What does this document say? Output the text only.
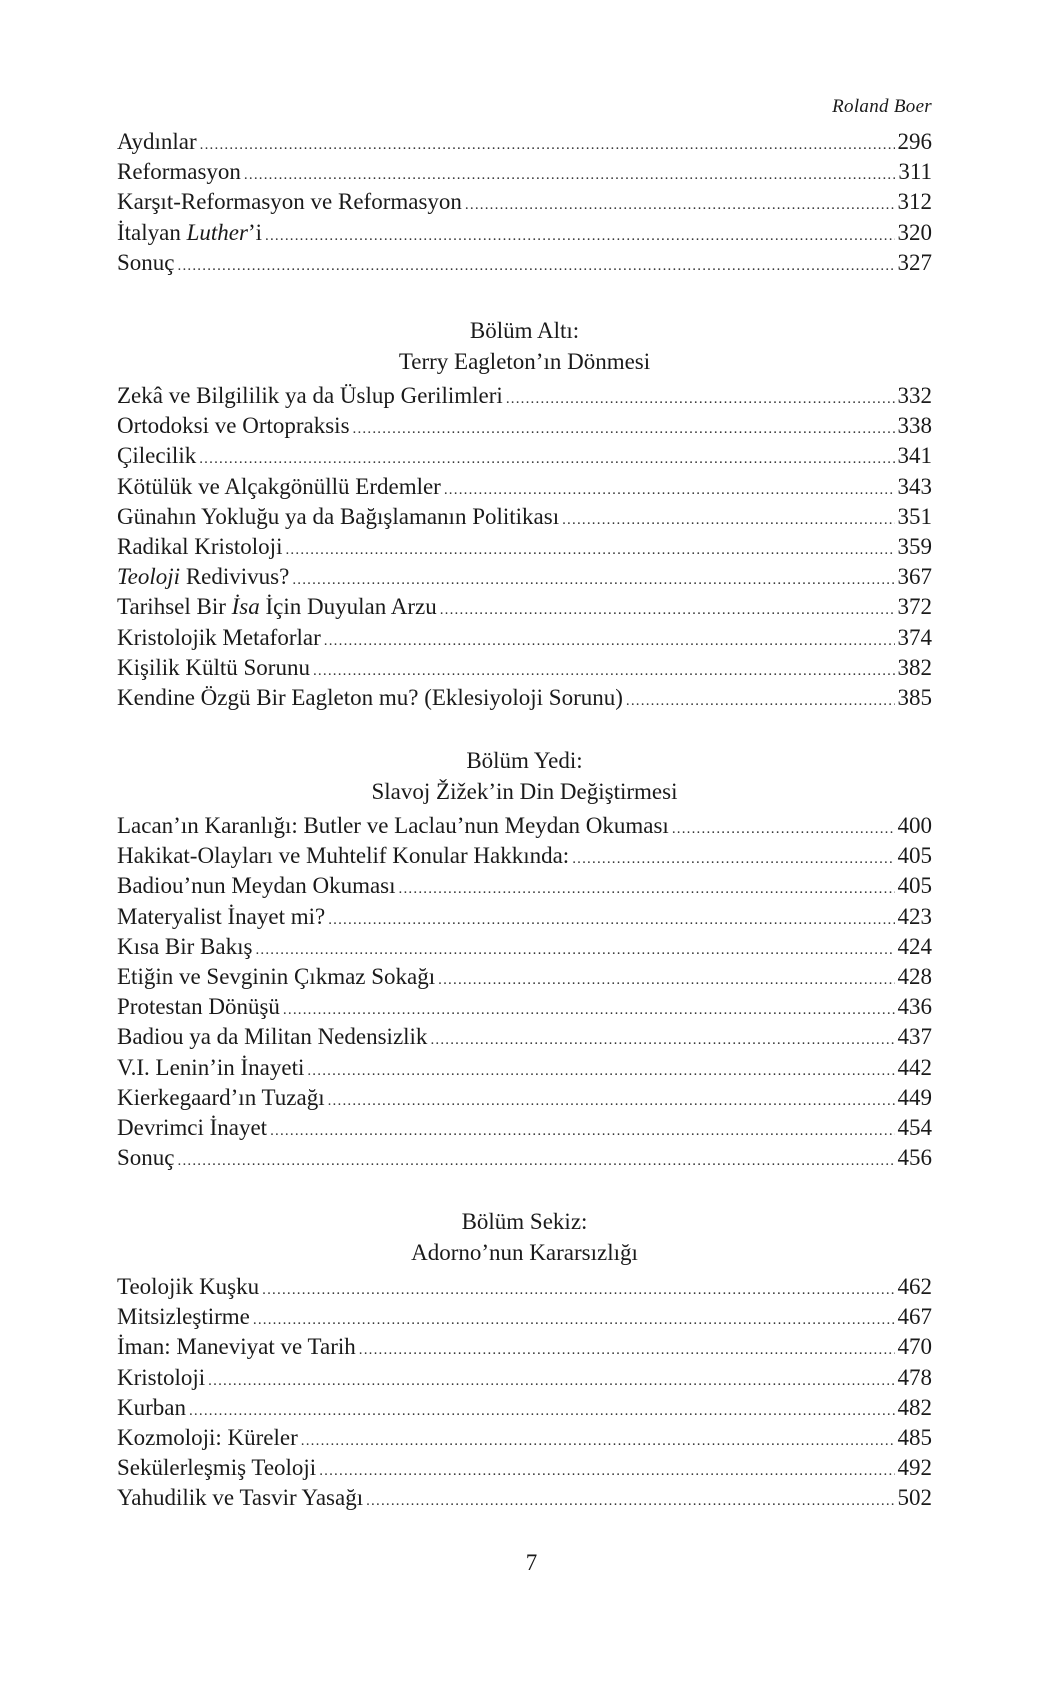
Roland Boer
Aydınlar .....	296
Reformasyon .....	311
Karşıt-Reformasyon ve Reformasyon .....	312
İtalyan Luther’i .....	320
Sonuç .....	327
Bölüm Altı:
Terry Eagleton’ın Dönmesi
Zekâ ve Bilgililik ya da Üslup Gerilimleri .....	332
Ortodoksi ve Ortopraksis .....	338
Çilecilik .....	341
Kötülük ve Alçakgönüllü Erdemler .....	343
Günahın Yokluğu ya da Bağışlamanın Politikası .....	351
Radikal Kristoloji .....	359
Teoloji Redivivus? .....	367
Tarihsel Bir İsa İçin Duyulan Arzu .....	372
Kristolojik Metaforlar .....	374
Kişilik Kültü Sorunu .....	382
Kendine Özgü Bir Eagleton mu? (Eklesiyoloji Sorunu) .....	385
Bölüm Yedi:
Slavoj Žižek’in Din Değiştirmesi
Lacan’ın Karanlığı: Butler ve Laclau’nun Meydan Okuması .....	400
Hakikat-Olayları ve Muhtelif Konular Hakkında: .....	405
Badiou’nun Meydan Okuması .....	405
Materyalist İnayet mi? .....	423
Kısa Bir Bakış .....	424
Etiğin ve Sevginin Çıkmaz Sokağı .....	428
Protestan Dönüşü .....	436
Badiou ya da Militan Nedensizlik .....	437
V.I. Lenin’in İnayeti .....	442
Kierkegaard’ın Tuzağı .....	449
Devrimci İnayet .....	454
Sonuç .....	456
Bölüm Sekiz:
Adorno’nun Kararsızlığı
Teolojik Kuşku .....	462
Mitsizleştirme .....	467
İman: Maneviyat ve Tarih .....	470
Kristoloji .....	478
Kurban .....	482
Kozmoloji: Küreler .....	485
Sekülerleşmiş Teoloji .....	492
Yahudilik ve Tasvir Yasağı .....	502
7
